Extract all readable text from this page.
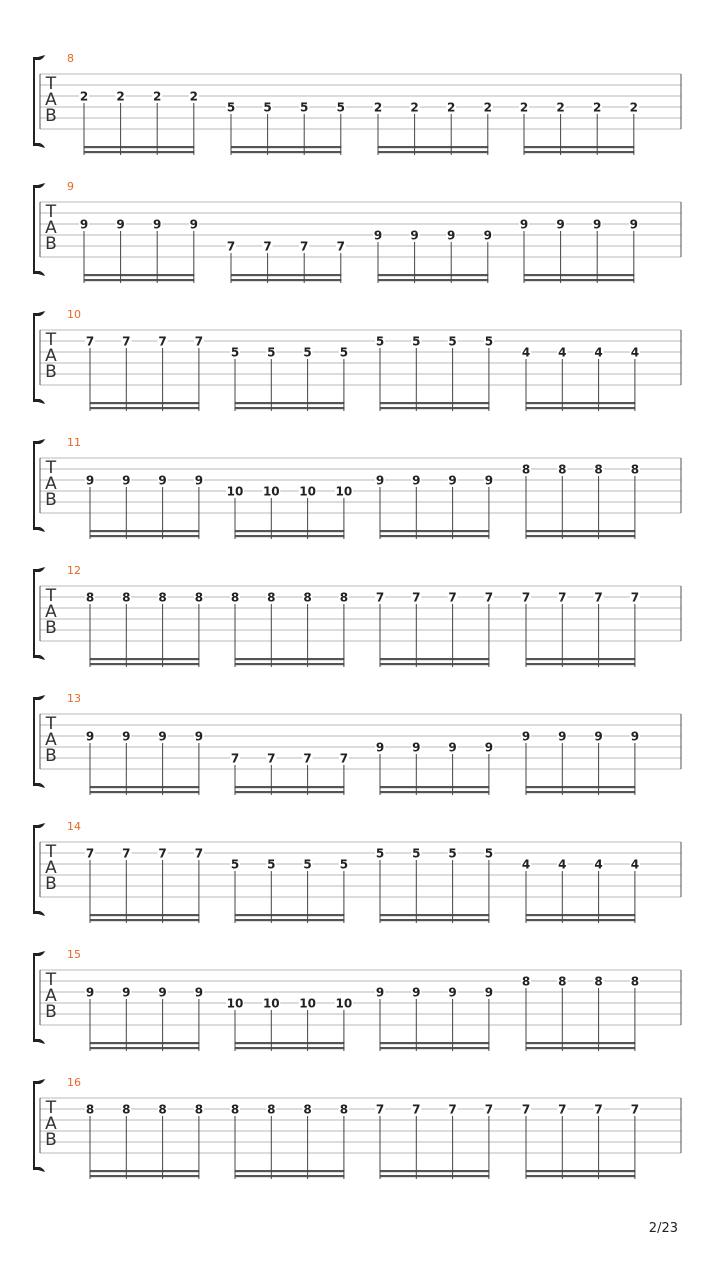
8
T
A
B
2 2 2 2
5 5 5 5 2 2 2 2 2 2 2 2
9
T
A
B
9 9 9 9
7 7 7 7
9 9 9 9
9 9 9 9
10
T
A
B
7 7 7 7
5 5 5 5
5 5 5 5
4 4 4 4
11
T
A
B
9 9 9 9
10 10 10 10
9 9 9 9
8 8 8 8
12
T
A
B
8 8 8 8 8 8 8 8 7 7 7 7 7 7 7 7
13
T
A
B
9 9 9 9
7 7 7 7
9 9 9 9
9 9 9 9
14
T
A
B
7 7 7 7
5 5 5 5
5 5 5 5
4 4 4 4
15
T
A
B
9 9 9 9
10 10 10 10
9 9 9 9
8 8 8 8
16
T
A
B
8 8 8 8 8 8 8 8 7 7 7 7 7 7 7 7
2/23
